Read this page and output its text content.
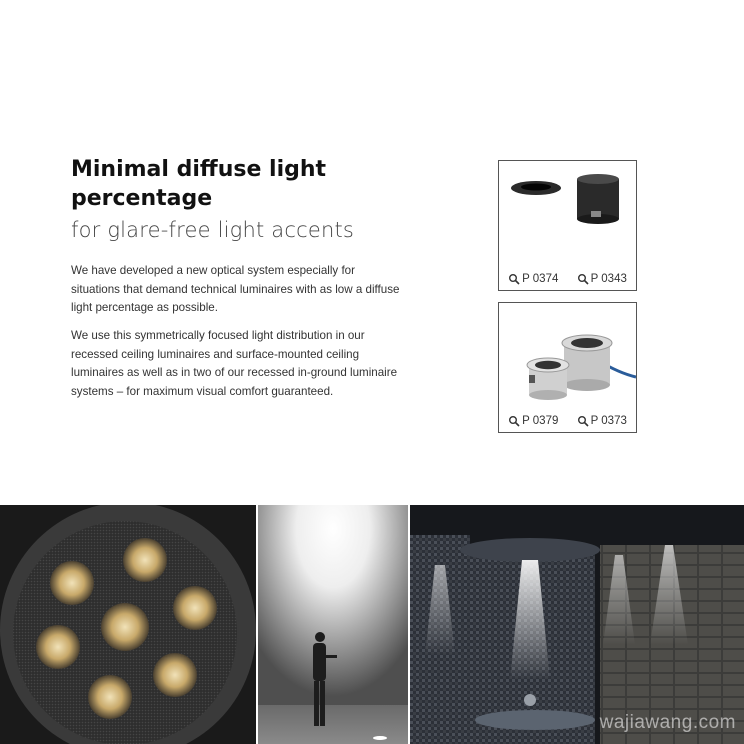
Minimal diffuse light
percentage
for glare-free light accents

We have developed a new optical system especially for situations that demand technical luminaires with as low a diffuse light percentage as possible.

We use this symmetrically focused light distribution in our recessed ceiling luminaires and surface-mounted ceiling luminaires as well as in two of our recessed in-ground luminaire systems – for maximum visual comfort guaranteed.

P 0374	P 0343
P 0379	P 0373
wajiawang.com
